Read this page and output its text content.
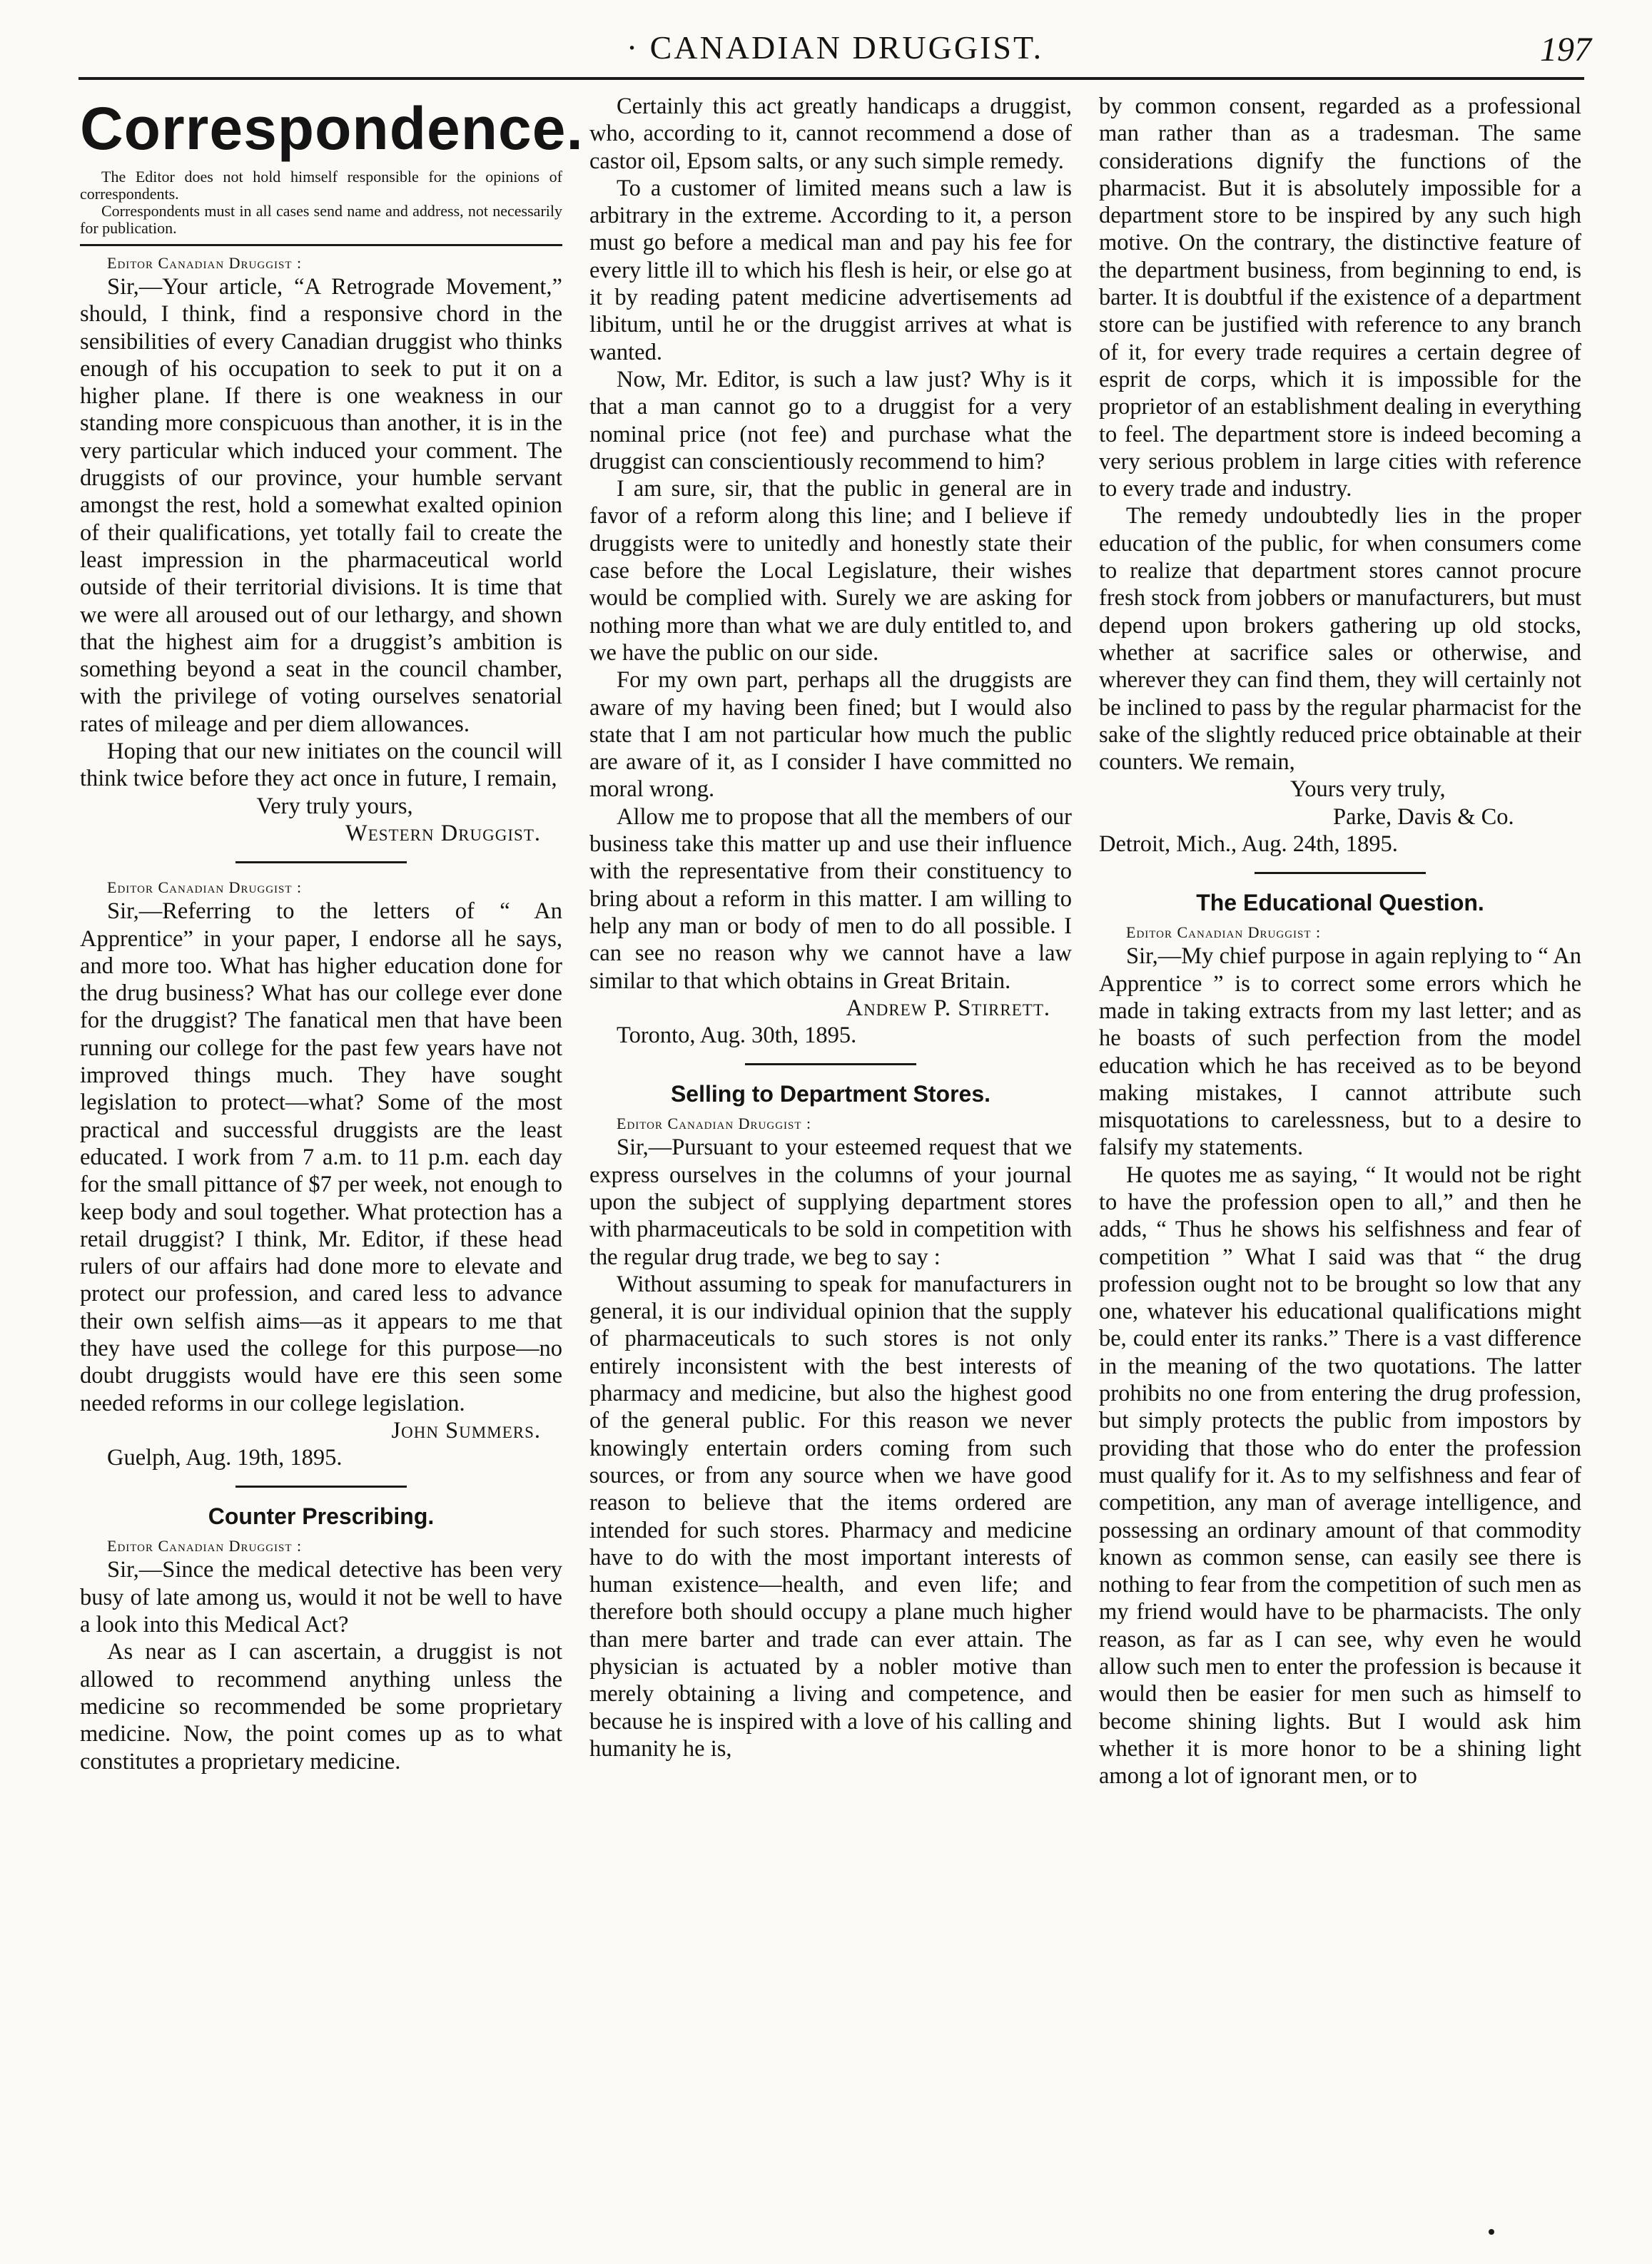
· CANADIAN DRUGGIST.	197
Correspondence.
The Editor does not hold himself responsible for the opinions of correspondents.
Correspondents must in all cases send name and address, not necessarily for publication.

Editor Canadian Druggist :

Sir,—Your article, “A Retrograde Movement,” should, I think, find a responsive chord in the sensibilities of every Canadian druggist who thinks enough of his occupation to seek to put it on a higher plane. If there is one weakness in our standing more conspicuous than another, it is in the very particular which induced your comment. The druggists of our province, your humble servant amongst the rest, hold a somewhat exalted opinion of their qualifications, yet totally fail to create the least impression in the pharmaceutical world outside of their territorial divisions. It is time that we were all aroused out of our lethargy, and shown that the highest aim for a druggist’s ambition is something beyond a seat in the council chamber, with the privilege of voting ourselves senatorial rates of mileage and per diem allowances.

Hoping that our new initiates on the council will think twice before they act once in future, I remain,

Very truly yours,

Western Druggist.

Editor Canadian Druggist :

Sir,—Referring to the letters of “ An Apprentice” in your paper, I endorse all he says, and more too. What has higher education done for the drug business? What has our college ever done for the druggist? The fanatical men that have been running our college for the past few years have not improved things much. They have sought legislation to protect—what? Some of the most practical and successful druggists are the least educated. I work from 7 a.m. to 11 p.m. each day for the small pittance of $7 per week, not enough to keep body and soul together. What protection has a retail druggist? I think, Mr. Editor, if these head rulers of our affairs had done more to elevate and protect our profession, and cared less to advance their own selfish aims—as it appears to me that they have used the college for this purpose—no doubt druggists would have ere this seen some needed reforms in our college legislation.

John Summers.

Guelph, Aug. 19th, 1895.

Counter Prescribing.

Editor Canadian Druggist :

Sir,—Since the medical detective has been very busy of late among us, would it not be well to have a look into this Medical Act?

As near as I can ascertain, a druggist is not allowed to recommend anything unless the medicine so recommended be some proprietary medicine. Now, the point comes up as to what constitutes a proprietary medicine.

Certainly this act greatly handicaps a druggist, who, according to it, cannot recommend a dose of castor oil, Epsom salts, or any such simple remedy.

To a customer of limited means such a law is arbitrary in the extreme. According to it, a person must go before a medical man and pay his fee for every little ill to which his flesh is heir, or else go at it by reading patent medicine advertisements ad libitum, until he or the druggist arrives at what is wanted.

Now, Mr. Editor, is such a law just? Why is it that a man cannot go to a druggist for a very nominal price (not fee) and purchase what the druggist can conscientiously recommend to him?

I am sure, sir, that the public in general are in favor of a reform along this line; and I believe if druggists were to unitedly and honestly state their case before the Local Legislature, their wishes would be complied with. Surely we are asking for nothing more than what we are duly entitled to, and we have the public on our side.

For my own part, perhaps all the druggists are aware of my having been fined; but I would also state that I am not particular how much the public are aware of it, as I consider I have committed no moral wrong.

Allow me to propose that all the members of our business take this matter up and use their influence with the representative from their constituency to bring about a reform in this matter. I am willing to help any man or body of men to do all possible. I can see no reason why we cannot have a law similar to that which obtains in Great Britain.

Andrew P. Stirrett.

Toronto, Aug. 30th, 1895.

Selling to Department Stores.

Editor Canadian Druggist :

Sir,—Pursuant to your esteemed request that we express ourselves in the columns of your journal upon the subject of supplying department stores with pharmaceuticals to be sold in competition with the regular drug trade, we beg to say :

Without assuming to speak for manufacturers in general, it is our individual opinion that the supply of pharmaceuticals to such stores is not only entirely inconsistent with the best interests of pharmacy and medicine, but also the highest good of the general public. For this reason we never knowingly entertain orders coming from such sources, or from any source when we have good reason to believe that the items ordered are intended for such stores. Pharmacy and medicine have to do with the most important interests of human existence—health, and even life; and therefore both should occupy a plane much higher than mere barter and trade can ever attain. The physician is actuated by a nobler motive than merely obtaining a living and competence, and because he is inspired with a love of his calling and humanity he is,

by common consent, regarded as a professional man rather than as a tradesman. The same considerations dignify the functions of the pharmacist. But it is absolutely impossible for a department store to be inspired by any such high motive. On the contrary, the distinctive feature of the department business, from beginning to end, is barter. It is doubtful if the existence of a department store can be justified with reference to any branch of it, for every trade requires a certain degree of esprit de corps, which it is impossible for the proprietor of an establishment dealing in everything to feel. The department store is indeed becoming a very serious problem in large cities with reference to every trade and industry.

The remedy undoubtedly lies in the proper education of the public, for when consumers come to realize that department stores cannot procure fresh stock from jobbers or manufacturers, but must depend upon brokers gathering up old stocks, whether at sacrifice sales or otherwise, and wherever they can find them, they will certainly not be inclined to pass by the regular pharmacist for the sake of the slightly reduced price obtainable at their counters. We remain,

Yours very truly,

Parke, Davis & Co.

Detroit, Mich., Aug. 24th, 1895.

The Educational Question.

Editor Canadian Druggist :

Sir,—My chief purpose in again replying to “ An Apprentice ” is to correct some errors which he made in taking extracts from my last letter; and as he boasts of such perfection from the model education which he has received as to be beyond making mistakes, I cannot attribute such misquotations to carelessness, but to a desire to falsify my statements.

He quotes me as saying, “ It would not be right to have the profession open to all,” and then he adds, “ Thus he shows his selfishness and fear of competition ” What I said was that “ the drug profession ought not to be brought so low that any one, whatever his educational qualifications might be, could enter its ranks.” There is a vast difference in the meaning of the two quotations. The latter prohibits no one from entering the drug profession, but simply protects the public from impostors by providing that those who do enter the profession must qualify for it. As to my selfishness and fear of competition, any man of average intelligence, and possessing an ordinary amount of that commodity known as common sense, can easily see there is nothing to fear from the competition of such men as my friend would have to be pharmacists. The only reason, as far as I can see, why even he would allow such men to enter the profession is because it would then be easier for men such as himself to become shining lights. But I would ask him whether it is more honor to be a shining light among a lot of ignorant men, or to
